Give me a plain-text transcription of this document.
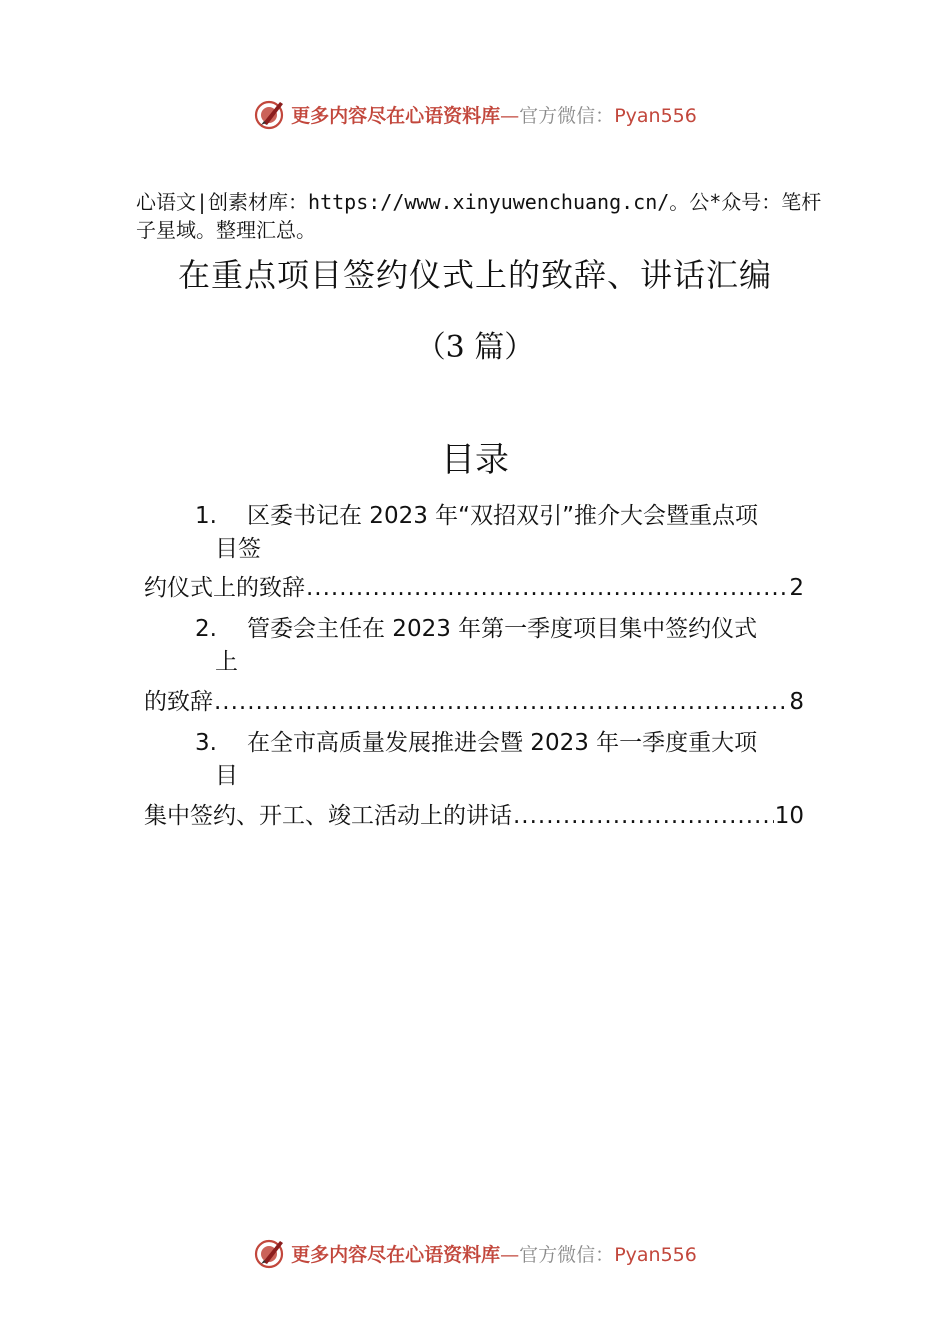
更多内容尽在心语资料库—官方微信：Pyan556
心语文|创素材库：https://www.xinyuwenchuang.cn/。公*众号：笔杆子星域。整理汇总。
在重点项目签约仪式上的致辞、讲话汇编
（3 篇）
目录
1. 区委书记在 2023 年“双招双引”推介大会暨重点项
目签
约仪式上的致辞 .....	2
2. 管委会主任在 2023 年第一季度项目集中签约仪式
上
的致辞 .....	8
3. 在全市高质量发展推进会暨 2023 年一季度重大项
目
集中签约、开工、竣工活动上的讲话 .....	10
更多内容尽在心语资料库—官方微信：Pyan556
